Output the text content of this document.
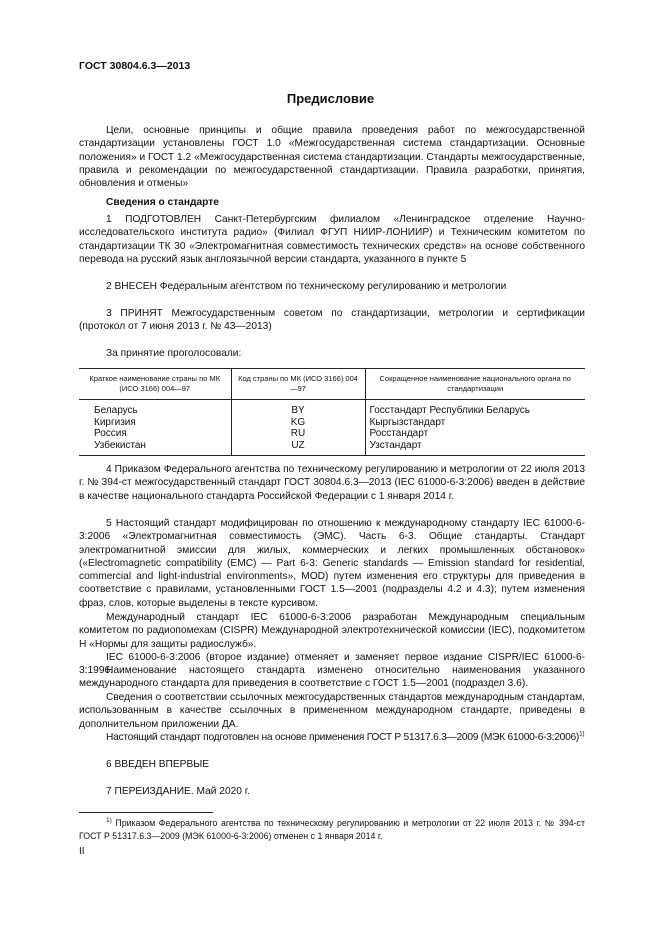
ГОСТ 30804.6.3—2013
Предисловие

Цели, основные принципы и общие правила проведения работ по межгосударственной стандартизации установлены ГОСТ 1.0 «Межгосударственная система стандартизации. Основные положения» и ГОСТ 1.2 «Межгосударственная система стандартизации. Стандарты межгосударственные, правила и рекомендации по межгосударственной стандартизации. Правила разработки, принятия, обновления и отмены»

Сведения о стандарте

1 ПОДГОТОВЛЕН Санкт-Петербургским филиалом «Ленинградское отделение Научно-исследовательского института радио» (Филиал ФГУП НИИР-ЛОНИИР) и Техническим комитетом по стандартизации ТК 30 «Электромагнитная совместимость технических средств» на основе собственного перевода на русский язык англоязычной версии стандарта, указанного в пункте 5

2 ВНЕСЕН Федеральным агентством по техническому регулированию и метрологии

3 ПРИНЯТ Межгосударственным советом по стандартизации, метрологии и сертификации (протокол от 7 июня 2013 г. № 43—2013)

За принятие проголосовали:

Краткое наименование страны по МК (ИСО 3166) 004—97	Код страны по МК (ИСО 3166) 004—97	Сокращенное наименование национального органа по стандартизации
Беларусь	BY	Госстандарт Республики Беларусь
Киргизия	KG	Кыргызстандарт
Россия	RU	Росстандарт
Узбекистан	UZ	Узстандарт

4 Приказом Федерального агентства по техническому регулированию и метрологии от 22 июля 2013 г. № 394-ст межгосударственный стандарт ГОСТ 30804.6.3—2013 (IEC 61000-6-3:2006) введен в действие в качестве национального стандарта Российской Федерации с 1 января 2014 г.

5 Настоящий стандарт модифицирован по отношению к международному стандарту IEC 61000-6-3:2006 «Электромагнитная совместимость (ЭМС). Часть 6-3. Общие стандарты. Стандарт электромагнитной эмиссии для жилых, коммерческих и легких промышленных обстановок» («Electromagnetic compatibility (EMC) — Part 6-3: Generic standards — Emission standard for residential, commercial and light-industrial environments», MOD) путем изменения его структуры для приведения в соответствие с правилами, установленными ГОСТ 1.5—2001 (подразделы 4.2 и 4.3); путем изменения фраз, слов, которые выделены в тексте курсивом.

Международный стандарт IEC 61000-6-3:2006 разработан Международным специальным комитетом по радиопомехам (CISPR) Международной электротехнической комиссии (IEC), подкомитетом Н «Нормы для защиты радиослужб».

IEC 61000-6-3:2006 (второе издание) отменяет и заменяет первое издание CISPR/IEC 61000-6-3:1996.

Наименование настоящего стандарта изменено относительно наименования указанного международного стандарта для приведения в соответствие с ГОСТ 1.5—2001 (подраздел 3.6).

Сведения о соответствии ссылочных межгосударственных стандартов международным стандартам, использованным в качестве ссылочных в примененном международном стандарте, приведены в дополнительном приложении ДА.

Настоящий стандарт подготовлен на основе применения ГОСТ Р 51317.6.3—2009 (МЭК 61000-6-3:2006)$^{1)}$

6 ВВЕДЕН ВПЕРВЫЕ

7 ПЕРЕИЗДАНИЕ. Май 2020 г.

$^{1)}$ Приказом Федерального агентства по техническому регулированию и метрологии от 22 июля 2013 г. № 394-ст ГОСТ Р 51317.6.3—2009 (МЭК 61000-6-3:2006) отменен с 1 января 2014 г.

II
